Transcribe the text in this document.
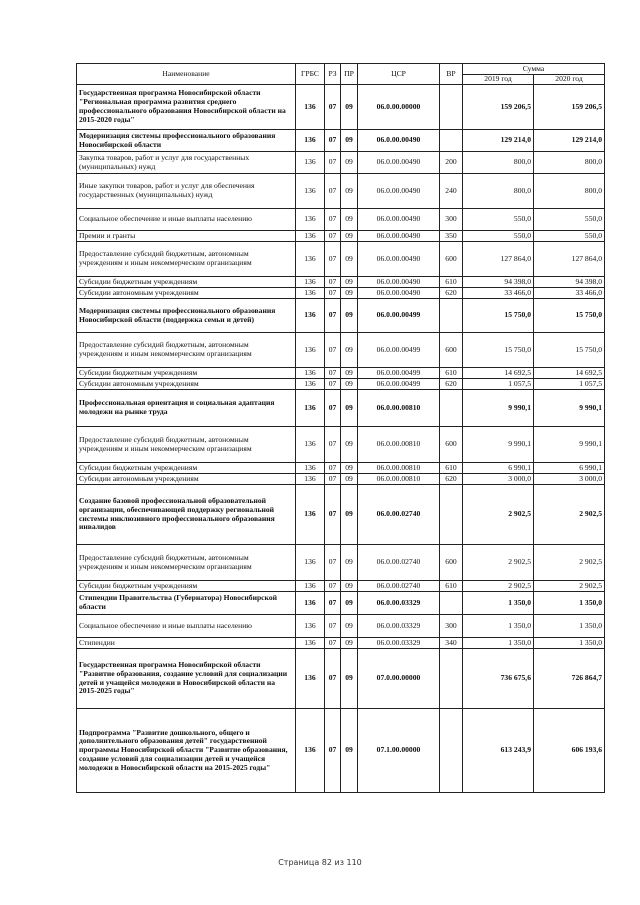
Наименование	ГРБС	РЗ	ПР	ЦСР	ВР	Сумма	
						2019 год	2020 год
Государственная программа Новосибирской области "Региональная программа развития среднего профессионального образования Новосибирской области на 2015-2020 годы"	136	07	09	06.0.00.00000		159 206,5	159 206,5
Модернизация системы профессионального образования Новосибирской области	136	07	09	06.0.00.00490		129 214,0	129 214,0
Закупка товаров, работ и услуг для государственных (муниципальных) нужд	136	07	09	06.0.00.00490	200	800,0	800,0
Иные закупки товаров, работ и услуг для обеспечения государственных (муниципальных) нужд	136	07	09	06.0.00.00490	240	800,0	800,0
Социальное обеспечение и иные выплаты населению	136	07	09	06.0.00.00490	300	550,0	550,0
Премии и гранты	136	07	09	06.0.00.00490	350	550,0	550,0
Предоставление субсидий бюджетным, автономным учреждениям и иным некоммерческим организациям	136	07	09	06.0.00.00490	600	127 864,0	127 864,0
Субсидии бюджетным учреждениям	136	07	09	06.0.00.00490	610	94 398,0	94 398,0
Субсидии автономным учреждениям	136	07	09	06.0.00.00490	620	33 466,0	33 466,0
Модернизация системы профессионального образования Новосибирской области (поддержка семьи и детей)	136	07	09	06.0.00.00499		15 750,0	15 750,0
Предоставление субсидий бюджетным, автономным учреждениям и иным некоммерческим организациям	136	07	09	06.0.00.00499	600	15 750,0	15 750,0
Субсидии бюджетным учреждениям	136	07	09	06.0.00.00499	610	14 692,5	14 692,5
Субсидии автономным учреждениям	136	07	09	06.0.00.00499	620	1 057,5	1 057,5
Профессиональная ориентация и социальная адаптация молодежи на рынке труда	136	07	09	06.0.00.00810		9 990,1	9 990,1
Предоставление субсидий бюджетным, автономным учреждениям и иным некоммерческим организациям	136	07	09	06.0.00.00810	600	9 990,1	9 990,1
Субсидии бюджетным учреждениям	136	07	09	06.0.00.00810	610	6 990,1	6 990,1
Субсидии автономным учреждениям	136	07	09	06.0.00.00810	620	3 000,0	3 000,0
Создание базовой профессиональной образовательной организации, обеспечивающей поддержку региональной системы инклюзивного профессионального образования инвалидов	136	07	09	06.0.00.02740		2 902,5	2 902,5
Предоставление субсидий бюджетным, автономным учреждениям и иным некоммерческим организациям	136	07	09	06.0.00.02740	600	2 902,5	2 902,5
Субсидии бюджетным учреждениям	136	07	09	06.0.00.02740	610	2 902,5	2 902,5
Стипендии Правительства (Губернатора) Новосибирской области	136	07	09	06.0.00.03329		1 350,0	1 350,0
Социальное обеспечение и иные выплаты населению	136	07	09	06.0.00.03329	300	1 350,0	1 350,0
Стипендии	136	07	09	06.0.00.03329	340	1 350,0	1 350,0
Государственная программа Новосибирской области "Развитие образования, создание условий для социализации детей и учащейся молодежи в Новосибирской области на 2015-2025 годы"	136	07	09	07.0.00.00000		736 675,6	726 864,7
Подпрограмма "Развитие дошкольного, общего и дополнительного образования детей" государственной программы Новосибирской области "Развитие образования, создание условий для социализации детей и учащейся молодежи в Новосибирской области на 2015-2025 годы"	136	07	09	07.1.00.00000		613 243,9	606 193,6
Страница 82 из 110
